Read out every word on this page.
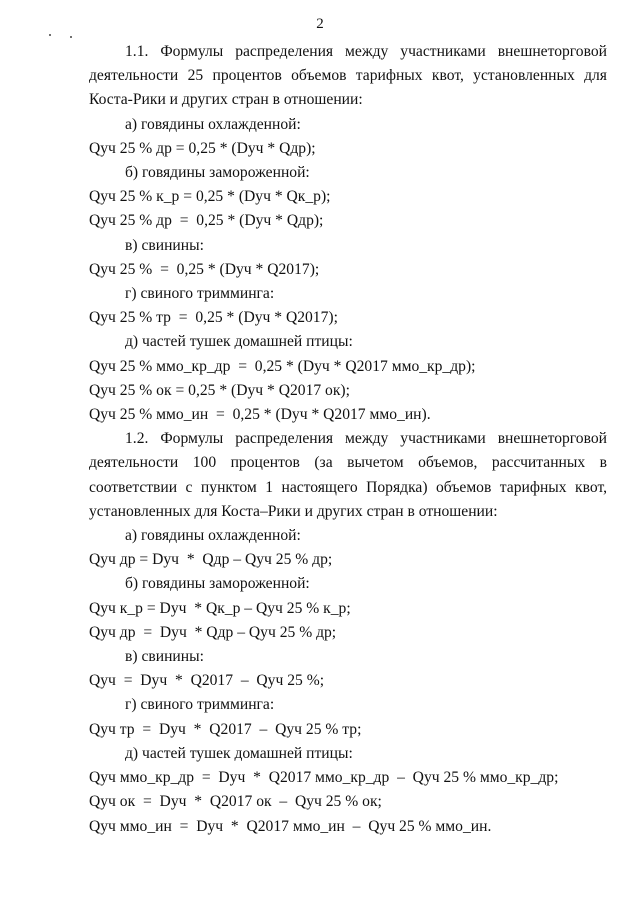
2

1.1. Формулы распределения между участниками внешнеторговой деятельности 25 процентов объемов тарифных квот, установленных для Коста-Рики и других стран в отношении:

а) говядины охлажденной:

Qуч 25 % др = 0,25 * (Dуч * Qдр);

б) говядины замороженной:

Qуч 25 % к_р = 0,25 * (Dуч * Qк_р);

Qуч 25 % др  =  0,25 * (Dуч * Qдр);

в) свинины:

Qуч 25 %  =  0,25 * (Dуч * Q2017);

г) свиного тримминга:

Qуч 25 % тр  =  0,25 * (Dуч * Q2017);

д) частей тушек домашней птицы:

Qуч 25 % ммо_кр_др  =  0,25 * (Dуч * Q2017 ммо_кр_др);

Qуч 25 % ок = 0,25 * (Dуч * Q2017 ок);

Qуч 25 % ммо_ин  =  0,25 * (Dуч * Q2017 ммо_ин).

1.2. Формулы распределения между участниками внешнеторговой деятельности 100 процентов (за вычетом объемов, рассчитанных в соответствии с пунктом 1 настоящего Порядка) объемов тарифных квот, установленных для Коста–Рики и других стран в отношении:

а) говядины охлажденной:

Qуч др = Dуч  *  Qдр – Qуч 25 % др;

б) говядины замороженной:

Qуч к_р = Dуч  * Qк_р – Qуч 25 % к_р;

Qуч др  =  Dуч  * Qдр – Qуч 25 % др;

в) свинины:

Qуч  =  Dуч  *  Q2017  –  Qуч 25 %;

г) свиного тримминга:

Qуч тр  =  Dуч  *  Q2017  –  Qуч 25 % тр;

д) частей тушек домашней птицы:

Qуч ммо_кр_др  =  Dуч  *  Q2017 ммо_кр_др  –  Qуч 25 % ммо_кр_др;

Qуч ок  =  Dуч  *  Q2017 ок  –  Qуч 25 % ок;

Qуч ммо_ин  =  Dуч  *  Q2017 ммо_ин  –  Qуч 25 % ммо_ин.
